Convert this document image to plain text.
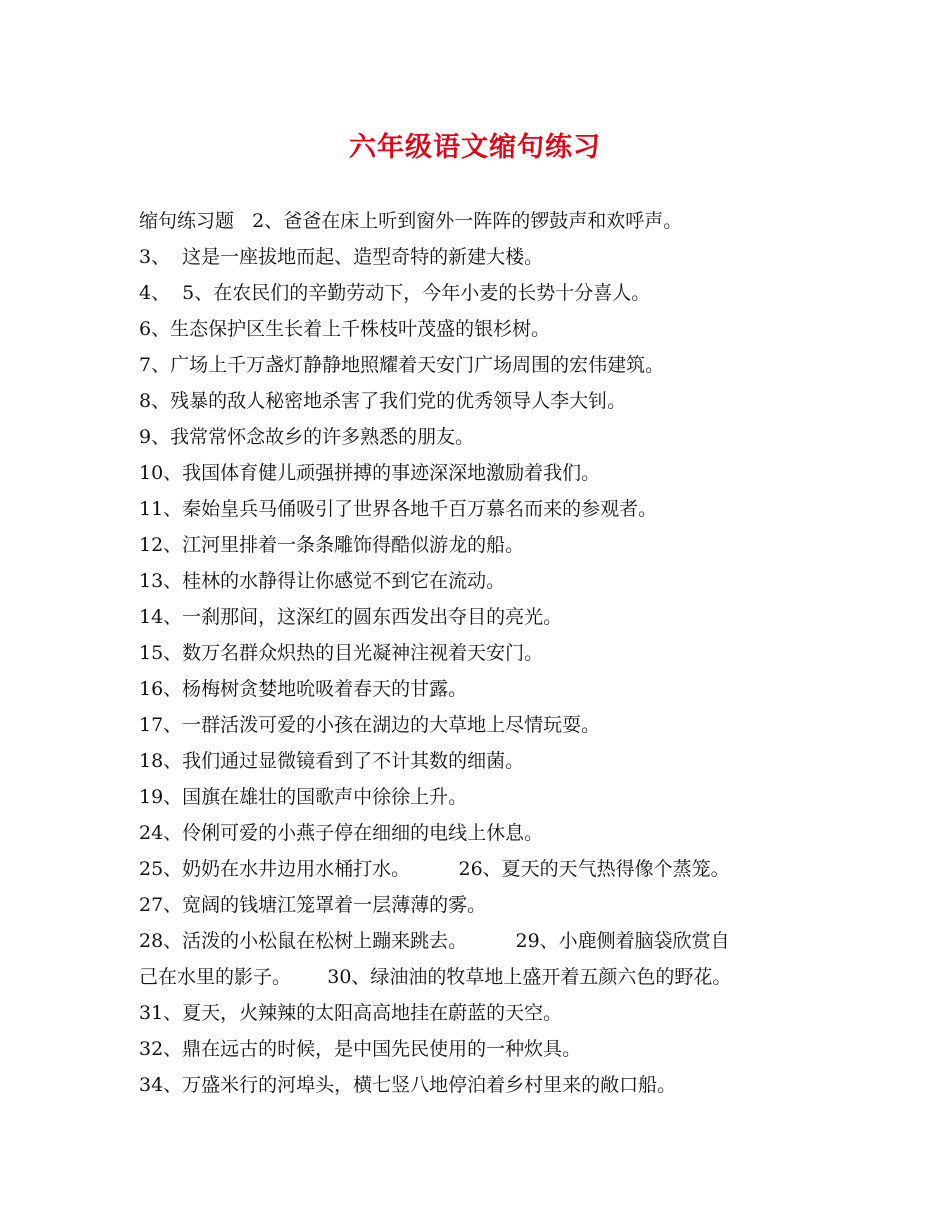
六年级语文缩句练习
缩句练习题   2、爸爸在床上听到窗外一阵阵的锣鼓声和欢呼声。
3、  这是一座拔地而起、造型奇特的新建大楼。
4、  5、在农民们的辛勤劳动下，今年小麦的长势十分喜人。
6、生态保护区生长着上千株枝叶茂盛的银杉树。
7、广场上千万盏灯静静地照耀着天安门广场周围的宏伟建筑。
8、残暴的敌人秘密地杀害了我们党的优秀领导人李大钊。
9、我常常怀念故乡的许多熟悉的朋友。
10、我国体育健儿顽强拼搏的事迹深深地激励着我们。
11、秦始皇兵马俑吸引了世界各地千百万慕名而来的参观者。
12、江河里排着一条条雕饰得酷似游龙的船。
13、桂林的水静得让你感觉不到它在流动。
14、一刹那间，这深红的圆东西发出夺目的亮光。
15、数万名群众炽热的目光凝神注视着天安门。
16、杨梅树贪婪地吮吸着春天的甘露。
17、一群活泼可爱的小孩在湖边的大草地上尽情玩耍。
18、我们通过显微镜看到了不计其数的细菌。
19、国旗在雄壮的国歌声中徐徐上升。
24、伶俐可爱的小燕子停在细细的电线上休息。
25、奶奶在水井边用水桶打水。        26、夏天的天气热得像个蒸笼。
27、宽阔的钱塘江笼罩着一层薄薄的雾。
28、活泼的小松鼠在松树上蹦来跳去。        29、小鹿侧着脑袋欣赏自
己在水里的影子。      30、绿油油的牧草地上盛开着五颜六色的野花。
31、夏天，火辣辣的太阳高高地挂在蔚蓝的天空。
32、鼎在远古的时候，是中国先民使用的一种炊具。
34、万盛米行的河埠头，横七竖八地停泊着乡村里来的敞口船。
